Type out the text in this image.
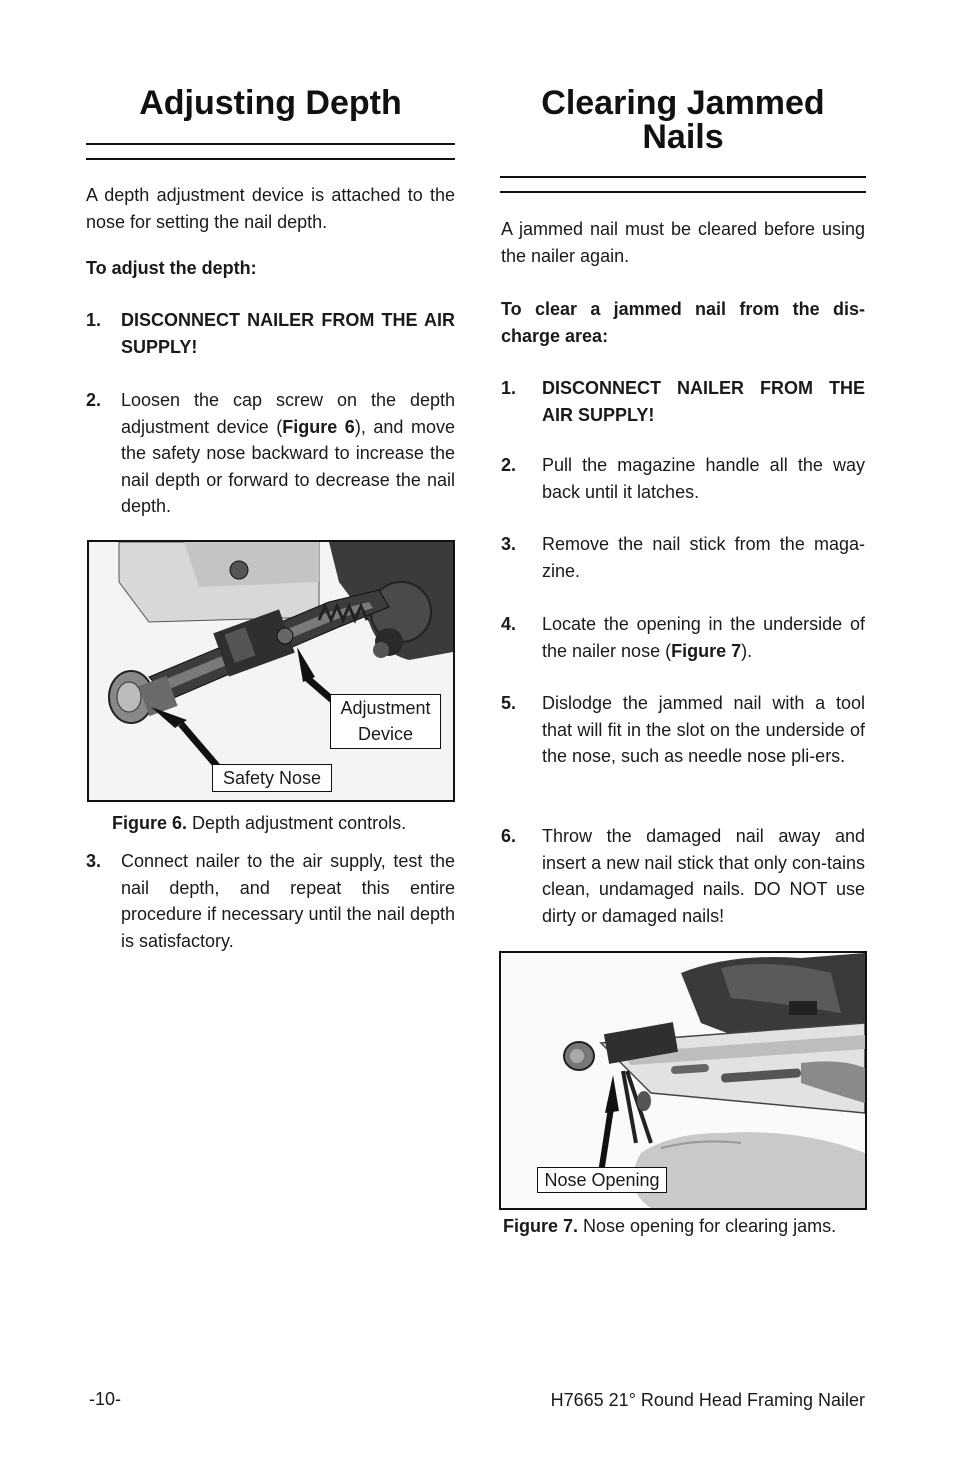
Adjusting Depth
A depth adjustment device is attached to the nose for setting the nail depth.
To adjust the depth:
1. DISCONNECT NAILER FROM THE AIR SUPPLY!
2. Loosen the cap screw on the depth adjustment device (Figure 6), and move the safety nose backward to increase the nail depth or forward to decrease the nail depth.
Adjustment
Device
Safety Nose
Figure 6. Depth adjustment controls.
3. Connect nailer to the air supply, test the nail depth, and repeat this entire procedure if necessary until the nail depth is satisfactory.
Clearing Jammed
Nails
A jammed nail must be cleared before using the nailer again.
To clear a jammed nail from the dis-charge area:
1. DISCONNECT NAILER FROM THE AIR SUPPLY!
2. Pull the magazine handle all the way back until it latches.
3. Remove the nail stick from the maga-zine.
4. Locate the opening in the underside of the nailer nose (Figure 7).
5. Dislodge the jammed nail with a tool that will fit in the slot on the underside of the nose, such as needle nose pli-ers.
6. Throw the damaged nail away and insert a new nail stick that only con-tains clean, undamaged nails. DO NOT use dirty or damaged nails!
Nose Opening
Figure 7. Nose opening for clearing jams.
-10-	H7665 21° Round Head Framing Nailer
